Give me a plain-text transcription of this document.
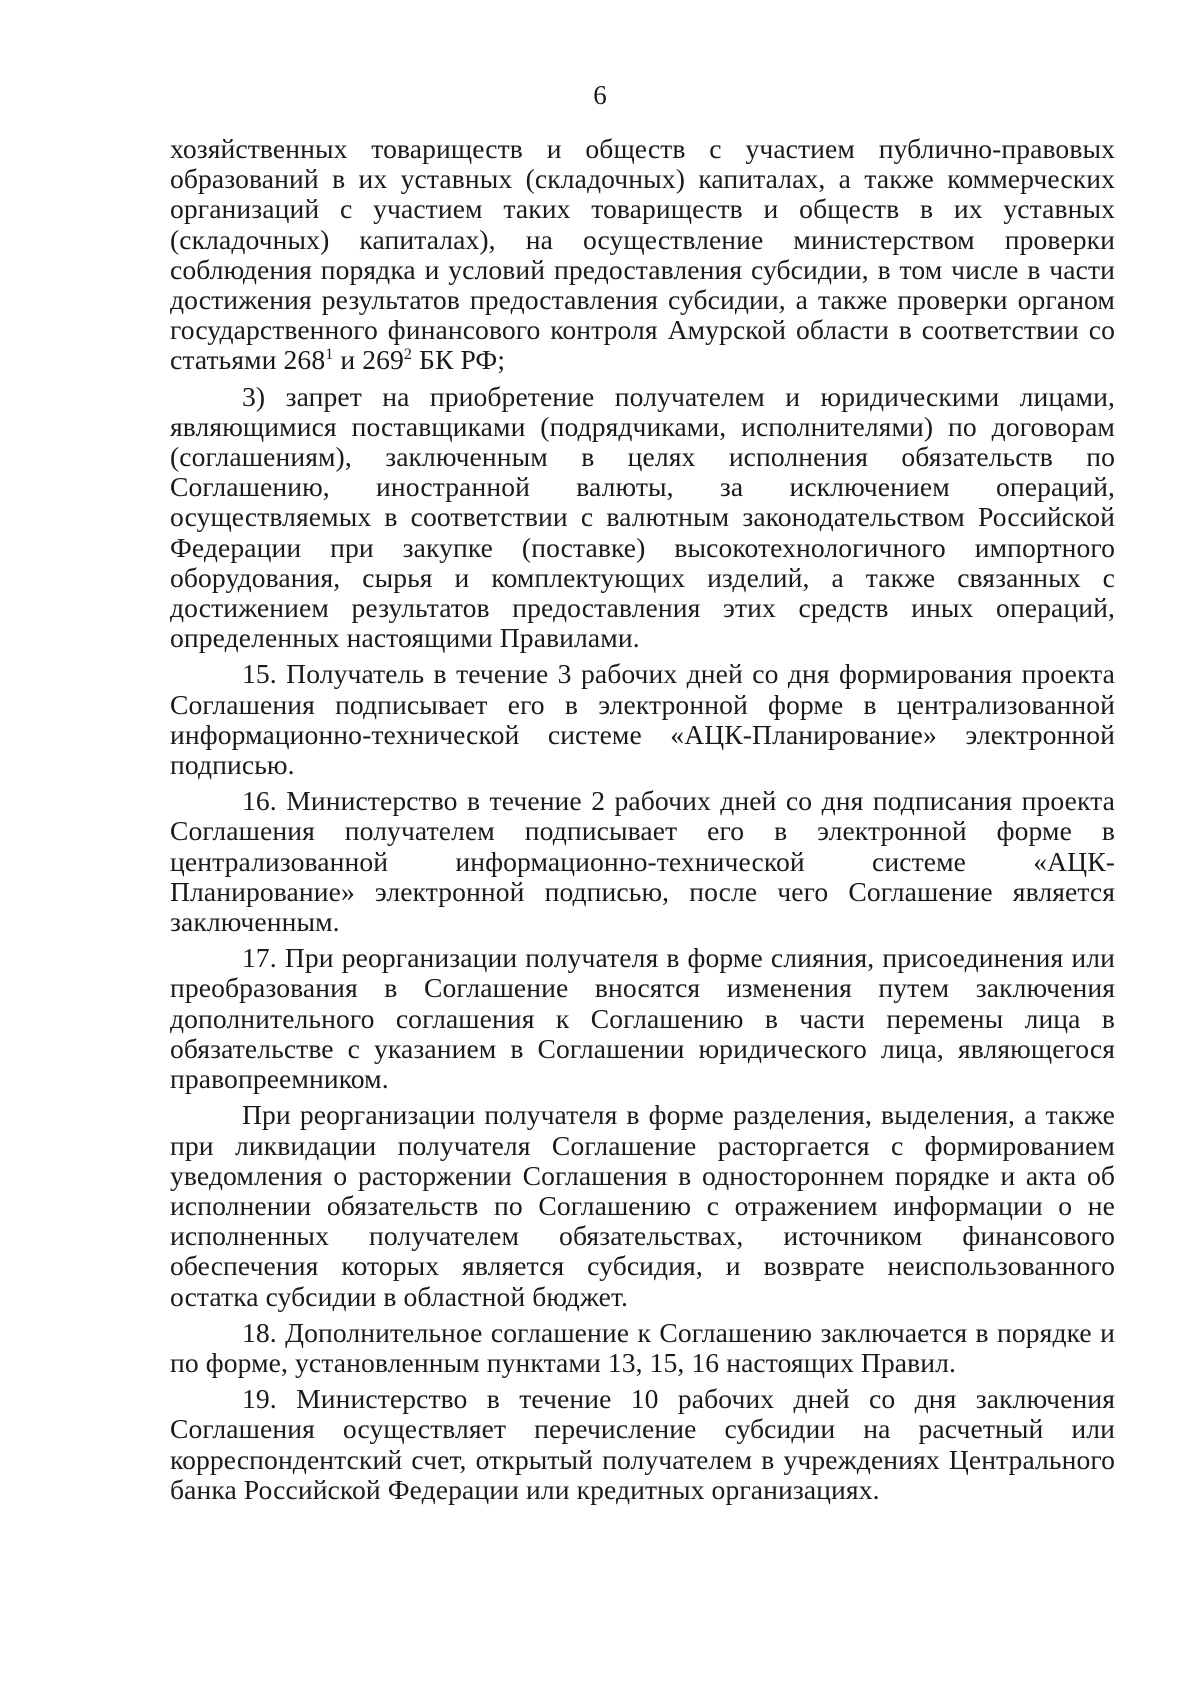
6

хозяйственных товариществ и обществ с участием публично-правовых образований в их уставных (складочных) капиталах, а также коммерческих организаций с участием таких товариществ и обществ в их уставных (складочных) капиталах), на осуществление министерством проверки соблюдения порядка и условий предоставления субсидии, в том числе в части достижения результатов предоставления субсидии, а также проверки органом государственного финансового контроля Амурской области в соответствии со статьями $268^1$ и $269^2$ БК РФ;

3) запрет на приобретение получателем и юридическими лицами, являющимися поставщиками (подрядчиками, исполнителями) по договорам (соглашениям), заключенным в целях исполнения обязательств по Соглашению, иностранной валюты, за исключением операций, осуществляемых в соответствии с валютным законодательством Российской Федерации при закупке (поставке) высокотехнологичного импортного оборудования, сырья и комплектующих изделий, а также связанных с достижением результатов предоставления этих средств иных операций, определенных настоящими Правилами.

15. Получатель в течение 3 рабочих дней со дня формирования проекта Соглашения подписывает его в электронной форме в централизованной информационно-технической системе «АЦК-Планирование» электронной подписью.

16. Министерство в течение 2 рабочих дней со дня подписания проекта Соглашения получателем подписывает его в электронной форме в централизованной информационно-технической системе «АЦК-Планирование» электронной подписью, после чего Соглашение является заключенным.

17. При реорганизации получателя в форме слияния, присоединения или преобразования в Соглашение вносятся изменения путем заключения дополнительного соглашения к Соглашению в части перемены лица в обязательстве с указанием в Соглашении юридического лица, являющегося правопреемником.

При реорганизации получателя в форме разделения, выделения, а также при ликвидации получателя Соглашение расторгается с формированием уведомления о расторжении Соглашения в одностороннем порядке и акта об исполнении обязательств по Соглашению с отражением информации о не исполненных получателем обязательствах, источником финансового обеспечения которых является субсидия, и возврате неиспользованного остатка субсидии в областной бюджет.

18. Дополнительное соглашение к Соглашению заключается в порядке и по форме, установленным пунктами 13, 15, 16 настоящих Правил.

19. Министерство в течение 10 рабочих дней со дня заключения Соглашения осуществляет перечисление субсидии на расчетный или корреспондентский счет, открытый получателем в учреждениях Центрального банка Российской Федерации или кредитных организациях.
